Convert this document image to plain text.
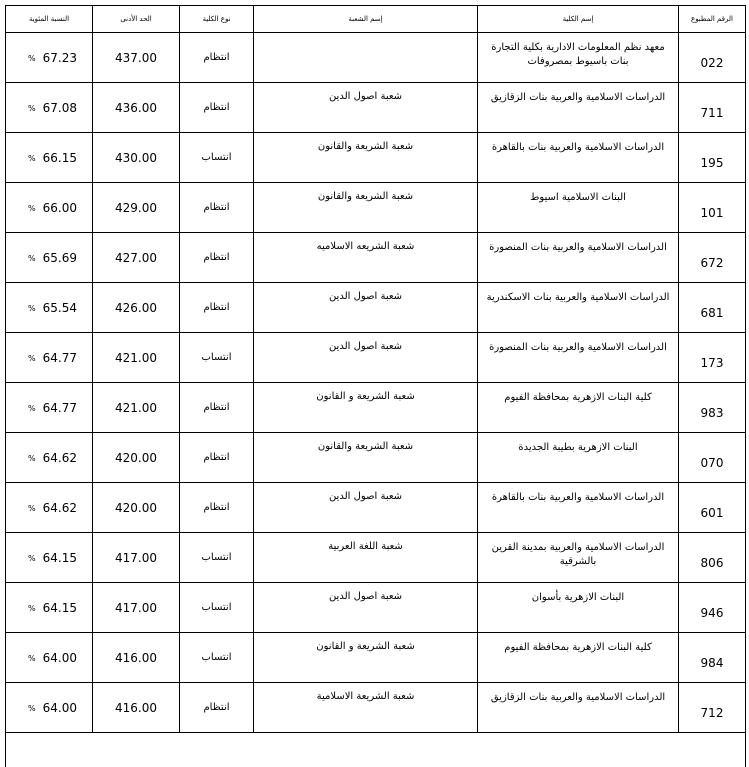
النسبة المئوية	الحد الأدنى	نوع الكلية	إسم الشعبة	إسم الكلية	الرقم المطبوع

% 67.23	437.00	انتظام		معهد نظم المعلومات الادارية بكلية التجارة بنات باسيوط بمصروفات	022

% 67.08	436.00	انتظام	شعبة اصول الدين	الدراسات الاسلامية والعربية بنات الزقازيق	711

% 66.15	430.00	انتساب	شعبة الشريعة والقانون	الدراسات الاسلامية والعربية بنات بالقاهرة	195

% 66.00	429.00	انتظام	شعبة الشريعة والقانون	البنات الاسلامية اسيوط	101

% 65.69	427.00	انتظام	شعبة الشريعه الاسلاميه	الدراسات الاسلامية والعربية بنات المنصورة	672

% 65.54	426.00	انتظام	شعبة اصول الدين	الدراسات الاسلامية والعربية بنات الاسكندرية	681

% 64.77	421.00	انتساب	شعبة اصول الدين	الدراسات الاسلامية والعربية بنات المنصورة	173

% 64.77	421.00	انتظام	شعبة الشريعة و القانون	كلية البنات الازهرية بمحافظة الفيوم	983

% 64.62	420.00	انتظام	شعبة الشريعة والقانون	البنات الازهرية بطيبة الجديدة	070

% 64.62	420.00	انتظام	شعبة اصول الدين	الدراسات الاسلامية والعربية بنات بالقاهرة	601

% 64.15	417.00	انتساب	شعبة اللغة العربية	الدراسات الاسلامية والعربية بمدينة القرين بالشرقية	806

% 64.15	417.00	انتساب	شعبة اصول الدين	البنات الازهرية بأسوان	946

% 64.00	416.00	انتساب	شعبة الشريعة و القانون	كلية البنات الازهرية بمحافظة الفيوم	984

% 64.00	416.00	انتظام	شعبة الشريعة الاسلامية	الدراسات الاسلامية والعربية بنات الزقازيق	712
